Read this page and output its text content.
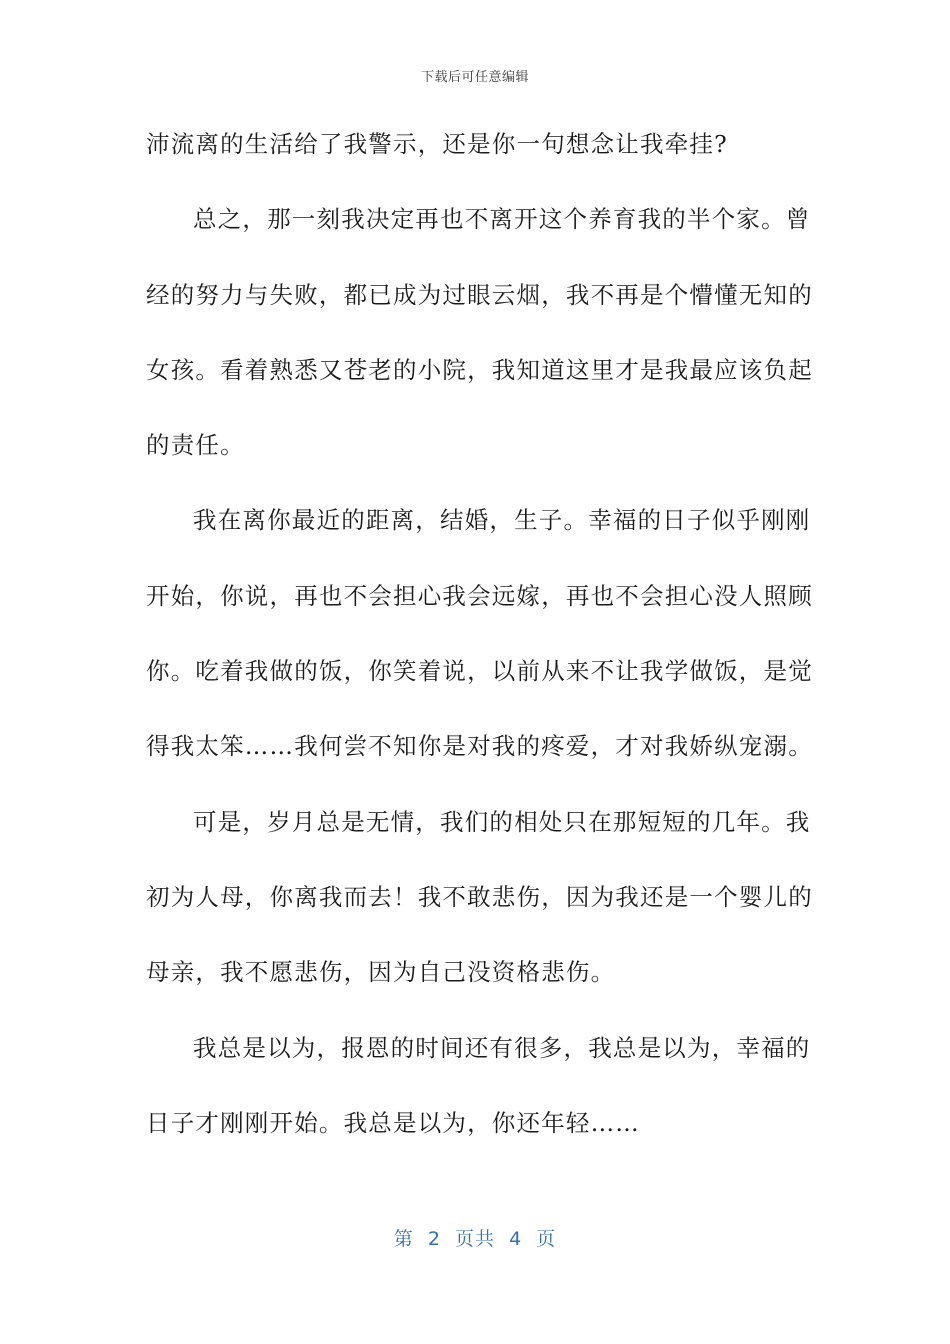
下载后可任意编辑
沛流离的生活给了我警示，还是你一句想念让我牵挂?
总之，那一刻我决定再也不离开这个养育我的半个家。曾
经的努力与失败，都已成为过眼云烟，我不再是个懵懂无知的
女孩。看着熟悉又苍老的小院，我知道这里才是我最应该负起
的责任。
我在离你最近的距离，结婚，生子。幸福的日子似乎刚刚
开始，你说，再也不会担心我会远嫁，再也不会担心没人照顾
你。吃着我做的饭，你笑着说，以前从来不让我学做饭，是觉
得我太笨……我何尝不知你是对我的疼爱，才对我娇纵宠溺。
可是，岁月总是无情，我们的相处只在那短短的几年。我
初为人母，你离我而去！我不敢悲伤，因为我还是一个婴儿的
母亲，我不愿悲伤，因为自己没资格悲伤。
我总是以为，报恩的时间还有很多，我总是以为，幸福的
日子才刚刚开始。我总是以为，你还年轻……
第  2  页共  4  页
